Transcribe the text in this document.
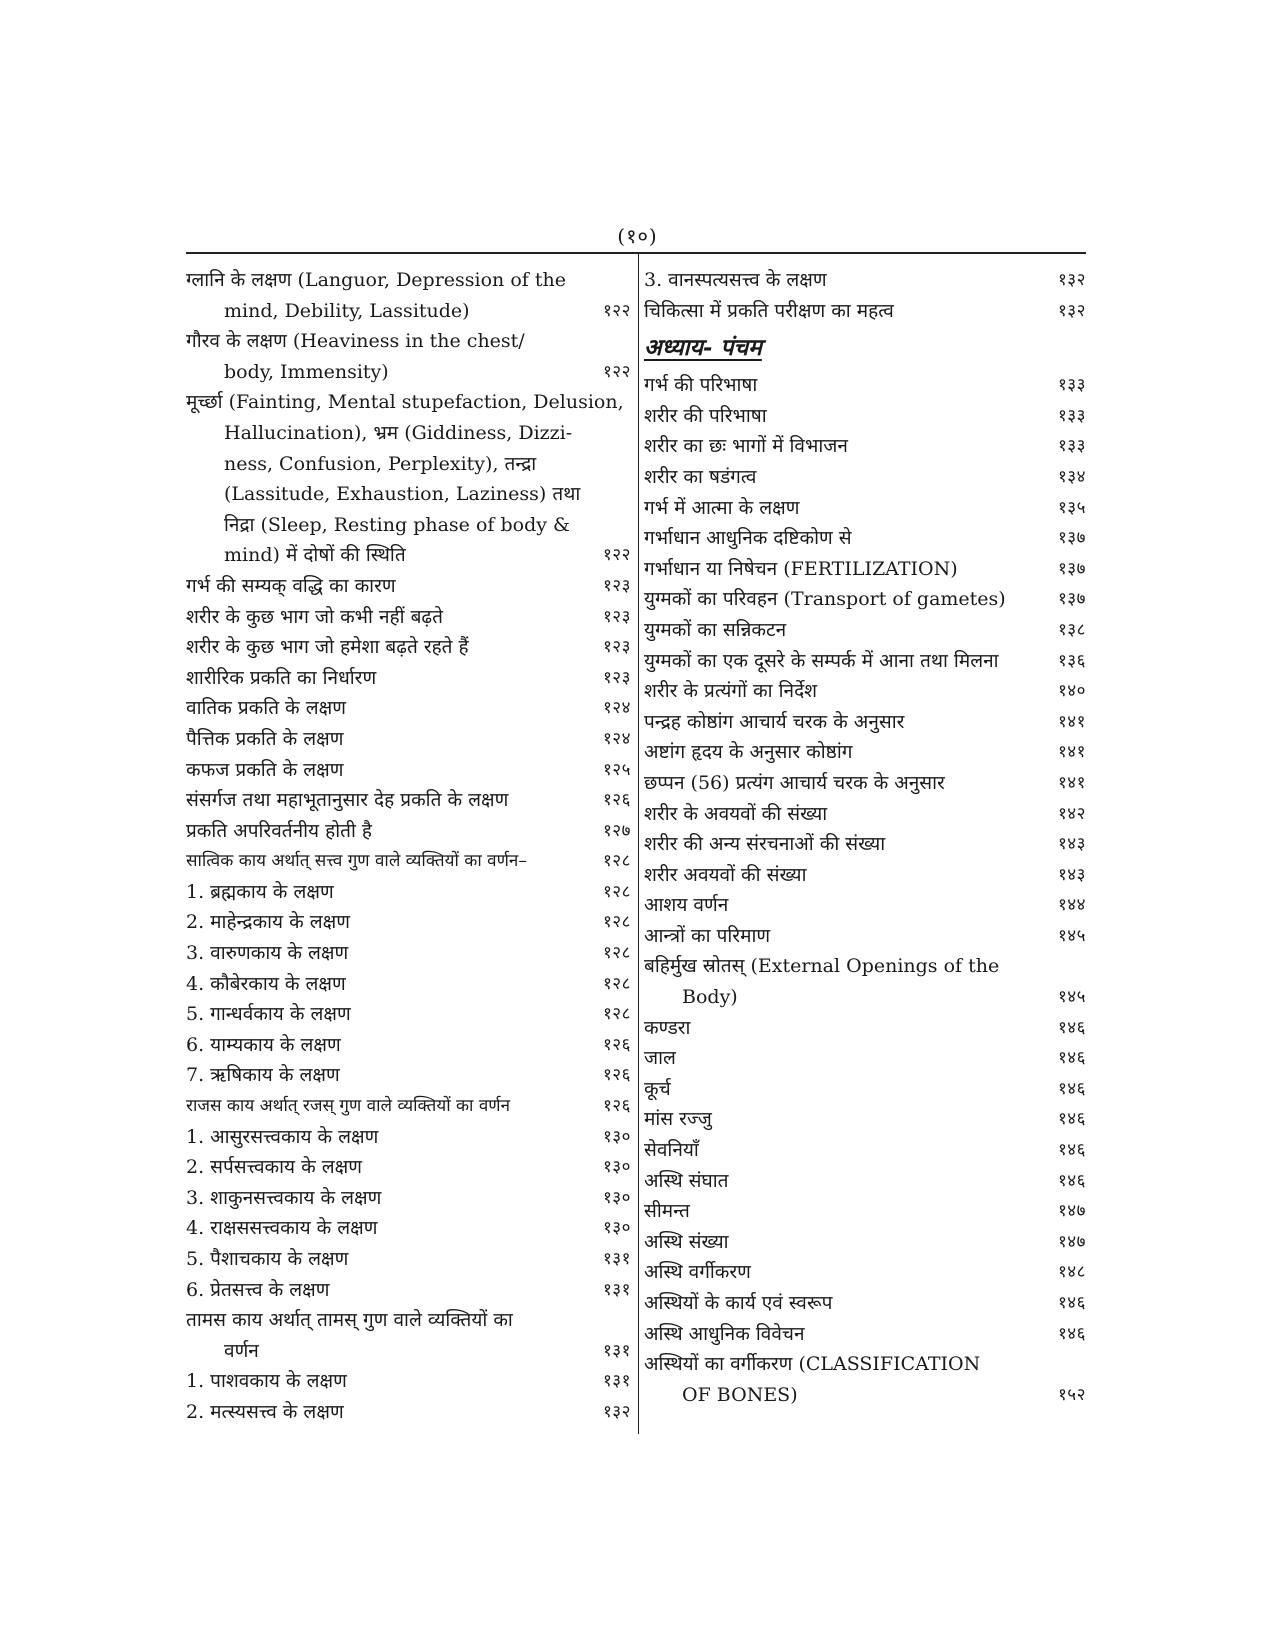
(१०)
ग्लानि के लक्षण (Languor, Depression of the
mind, Debility, Lassitude)	१२२
गौरव के लक्षण (Heaviness in the chest/
body, Immensity)	१२२
मूर्च्छा (Fainting, Mental stupefaction, Delusion,
Hallucination), भ्रम (Giddiness, Dizzi-
ness, Confusion, Perplexity), तन्द्रा
(Lassitude, Exhaustion, Laziness) तथा
निद्रा (Sleep, Resting phase of body &
mind) में दोषों की स्थिति	१२२
गर्भ की सम्यक् वद्धि का कारण	१२३
शरीर के कुछ भाग जो कभी नहीं बढ़ते	१२३
शरीर के कुछ भाग जो हमेशा बढ़ते रहते हैं	१२३
शारीरिक प्रकति का निर्धारण	१२३
वातिक प्रकति के लक्षण	१२४
पैत्तिक प्रकति के लक्षण	१२४
कफज प्रकति के लक्षण	१२५
संसर्गज तथा महाभूतानुसार देह प्रकति के लक्षण	१२६
प्रकति अपरिवर्तनीय होती है	१२७
सात्विक काय अर्थात् सत्त्व गुण वाले व्यक्तियों का वर्णन–	१२८
1. ब्रह्मकाय के लक्षण	१२८
2. माहेन्द्रकाय के लक्षण	१२८
3. वारुणकाय के लक्षण	१२८
4. कौबेरकाय के लक्षण	१२८
5. गान्धर्वकाय के लक्षण	१२८
6. याम्यकाय के लक्षण	१२६
7. ऋषिकाय के लक्षण	१२६
राजस काय अर्थात् रजस् गुण वाले व्यक्तियों का वर्णन	१२६
1. आसुरसत्त्वकाय के लक्षण	१३०
2. सर्पसत्त्वकाय के लक्षण	१३०
3. शाकुनसत्त्वकाय के लक्षण	१३०
4. राक्षससत्त्वकाय के लक्षण	१३०
5. पैशाचकाय के लक्षण	१३१
6. प्रेतसत्त्व के लक्षण	१३१
तामस काय अर्थात् तामस् गुण वाले व्यक्तियों का
वर्णन	१३१
1. पाशवकाय के लक्षण	१३१
2. मत्स्यसत्त्व के लक्षण	१३२
3. वानस्पत्यसत्त्व के लक्षण	१३२
चिकित्सा में प्रकति परीक्षण का महत्व	१३२
अध्याय- पंचम
गर्भ की परिभाषा	१३३
शरीर की परिभाषा	१३३
शरीर का छः भागों में विभाजन	१३३
शरीर का षडंगत्व	१३४
गर्भ में आत्मा के लक्षण	१३५
गर्भाधान आधुनिक दष्टिकोण से	१३७
गर्भाधान या निषेचन (FERTILIZATION)	१३७
युग्मकों का परिवहन (Transport of gametes)	१३७
युग्मकों का सन्निकटन	१३८
युग्मकों का एक दूसरे के सम्पर्क में आना तथा मिलना	१३६
शरीर के प्रत्यंगों का निर्देश	१४०
पन्द्रह कोष्ठांग आचार्य चरक के अनुसार	१४१
अष्टांग हृदय के अनुसार कोष्ठांग	१४१
छप्पन (56) प्रत्यंग आचार्य चरक के अनुसार	१४१
शरीर के अवयवों की संख्या	१४२
शरीर की अन्य संरचनाओं की संख्या	१४३
शरीर अवयवों की संख्या	१४३
आशय वर्णन	१४४
आन्त्रों का परिमाण	१४५
बहिर्मुख स्रोतस् (External Openings of the
Body)	१४५
कण्डरा	१४६
जाल	१४६
कूर्च	१४६
मांस रज्जु	१४६
सेवनियाँ	१४६
अस्थि संघात	१४६
सीमन्त	१४७
अस्थि संख्या	१४७
अस्थि वर्गीकरण	१४८
अस्थियों के कार्य एवं स्वरूप	१४६
अस्थि आधुनिक विवेचन	१४६
अस्थियों का वर्गीकरण (CLASSIFICATION
OF BONES)	१५२
